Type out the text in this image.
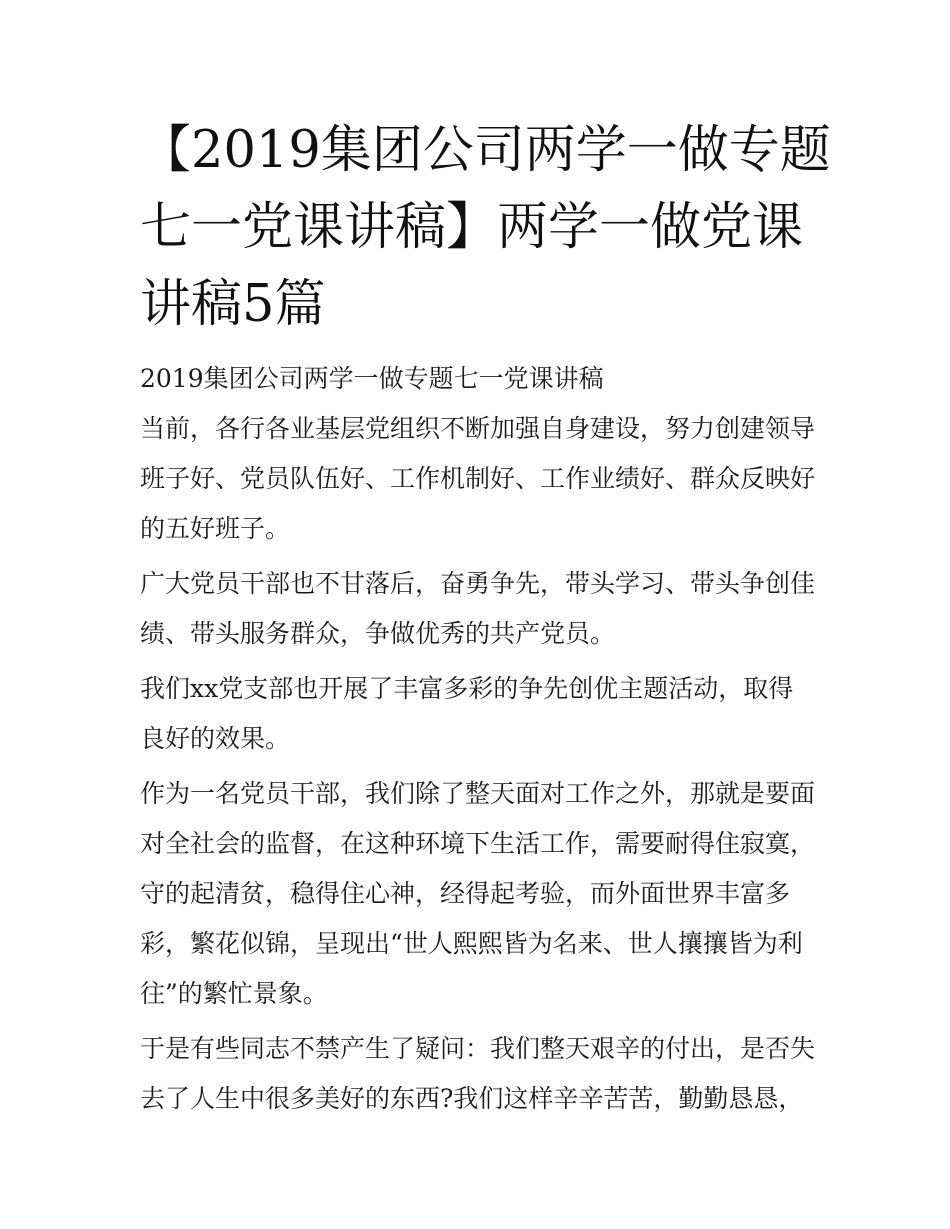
【2019集团公司两学一做专题
七一党课讲稿】两学一做党课
讲稿5篇
2019集团公司两学一做专题七一党课讲稿
当前，各行各业基层党组织不断加强自身建设，努力创建领导
班子好、党员队伍好、工作机制好、工作业绩好、群众反映好
的五好班子。
广大党员干部也不甘落后，奋勇争先，带头学习、带头争创佳
绩、带头服务群众，争做优秀的共产党员。
我们xx党支部也开展了丰富多彩的争先创优主题活动，取得
良好的效果。
作为一名党员干部，我们除了整天面对工作之外，那就是要面
对全社会的监督，在这种环境下生活工作，需要耐得住寂寞，
守的起清贫，稳得住心神，经得起考验，而外面世界丰富多
彩，繁花似锦，呈现出“世人熙熙皆为名来、世人攘攘皆为利
往”的繁忙景象。
于是有些同志不禁产生了疑问：我们整天艰辛的付出，是否失
去了人生中很多美好的东西?我们这样辛辛苦苦，勤勤恳恳，
